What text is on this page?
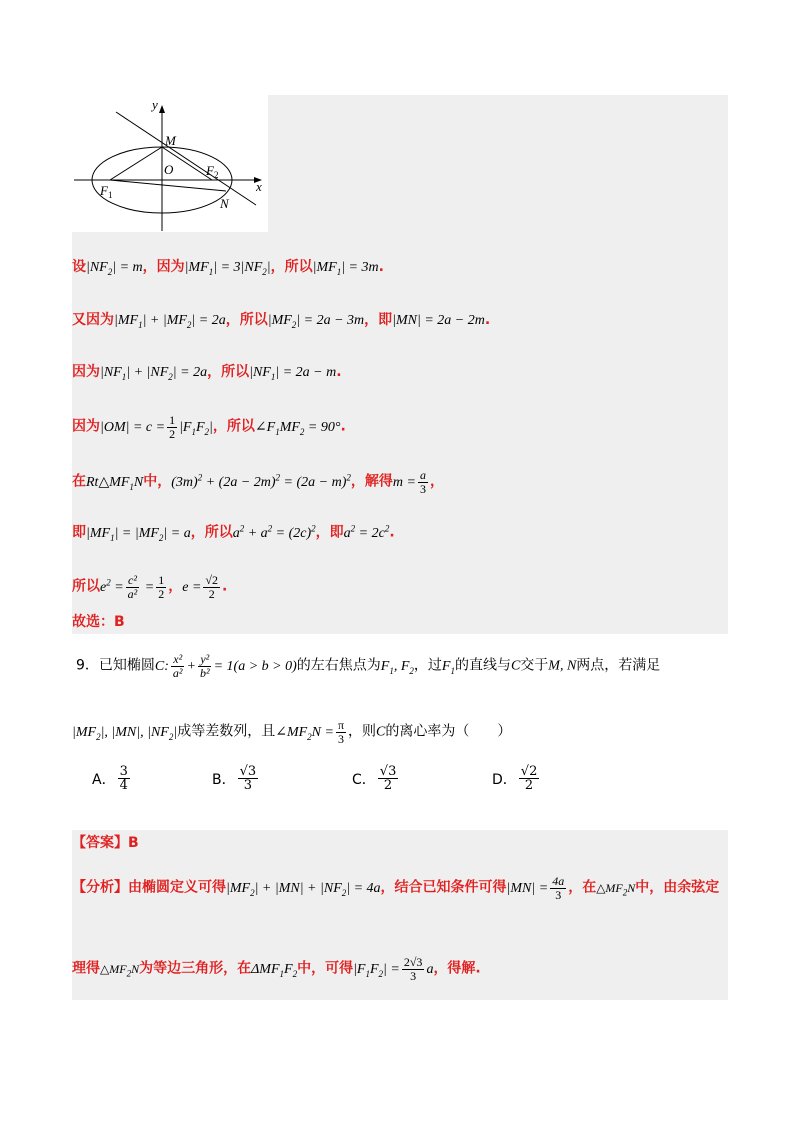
y
x
M
O	$F_2$
$F_1$
N
设$|NF_2| = m$，因为$|MF_1| = 3|NF_2|$，所以$|MF_1| = 3m$.
又因为$|MF_1| + |MF_2| = 2a$，所以$|MF_2| = 2a - 3m$，即|MN| = 2a − 2m.
因为$|NF_1| + |NF_2| = 2a$，所以$|NF_1| = 2a - m$.
因为$|OM| = c = \frac{1}{2} |F_1F_2|$，所以$\angle F_1MF_2 = 90^\circ$.
在$Rt\triangle MF_1N$中，$(3m)^2 + (2a - 2m)^2 = (2a - m)^2$，解得$m = \frac{a}{3}$ ，
即$|MF_1| = |MF_2| = a$，所以$a^2 + a^2 = (2c)^2$，即$a^2 = 2c^2$.
所以$e^2 = \frac{\text{c²}}{\text{a²}} = \frac{1}{2}$ ，$e = \frac{√2}{2}$ .
故选：B
9．已知椭圆C: $\frac{\text{x²}}{\text{a²}} + \frac{\text{y²}}{\text{b²}} = 1(a > b > 0)$的左右焦点为$F_1$, $F_2$，过$F_1$的直线与C交于M, N两点，若满足
$|MF_2|$, |MN|, $|NF_2|$成等差数列，且$\angle MF_2N = \frac{\pi}{3}$ ，则C的离心率为（　　）
A． $\frac{3}{4}$	B． $\frac{√3}{3}$	C． $\frac{√3}{2}$	D． $\frac{√2}{2}$
【答案】B
【分析】由椭圆定义可得$|MF_2| + |MN| + |NF_2| = 4a$，结合已知条件可得$|MN| = \frac{4a}{3}$ ，在$\triangle MF_2N$中，由余弦定
理得$\triangle MF_2N$为等边三角形，在$\Delta MF_1F_2$中，可得$|F_1F_2| = \frac{2√3}{3}$ a，得解.
